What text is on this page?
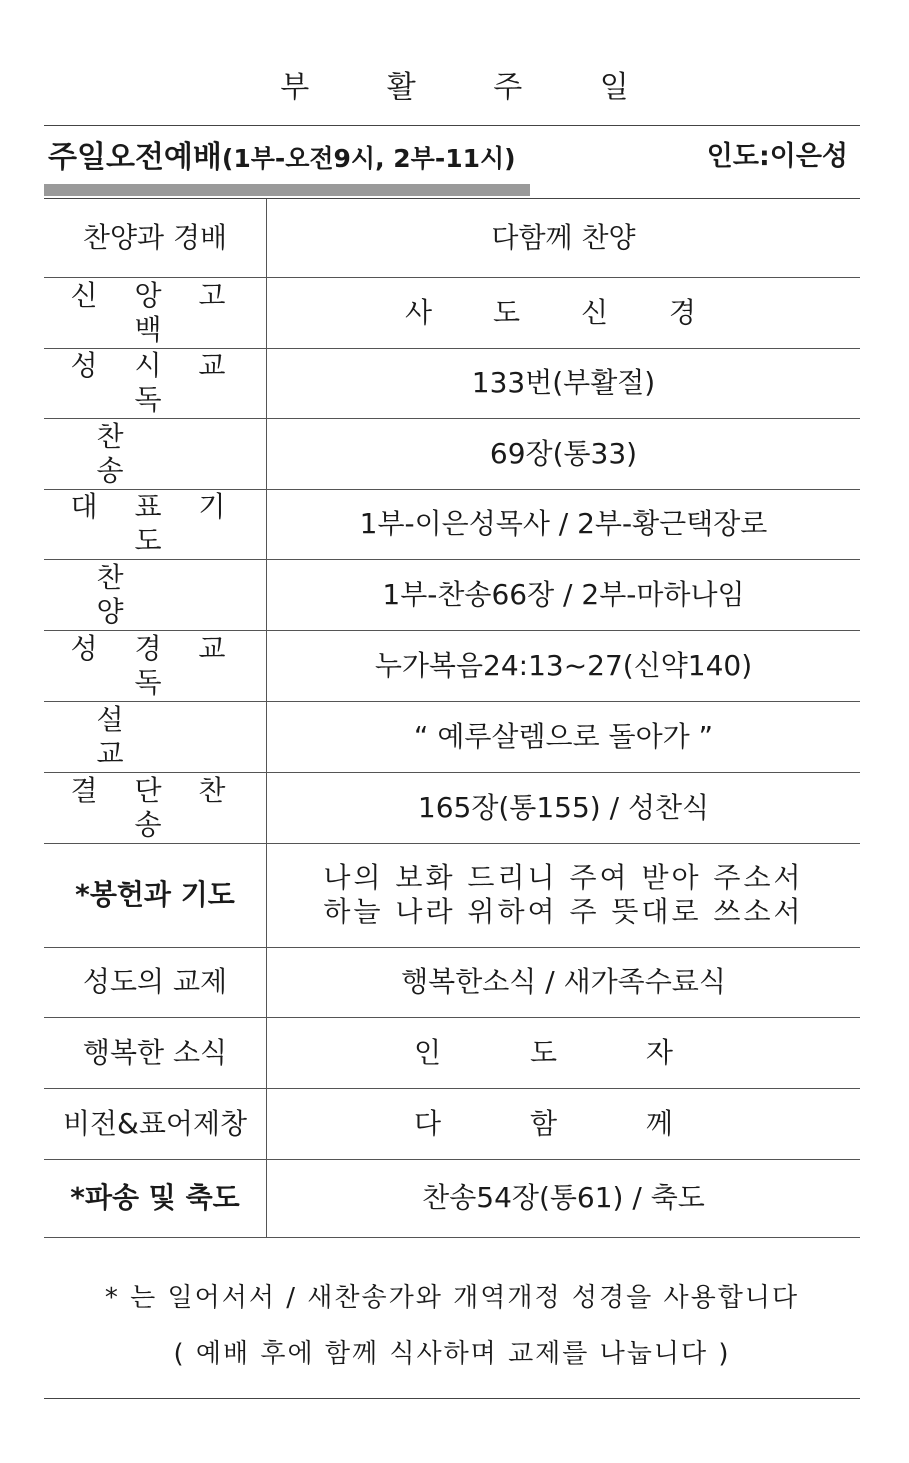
부 활 주 일
주일오전예배(1부-오전9시, 2부-11시)	인도:이은성
찬양과 경배	다함께 찬양
신 앙 고 백	사 도 신 경
성 시 교 독	133번(부활절)
찬 송	69장(통33)
대 표 기 도	1부-이은성목사 / 2부-황근택장로
찬 양	1부-찬송66장 / 2부-마하나임
성 경 교 독	누가복음24:13~27(신약140)
설 교	“ 예루살렘으로 돌아가 ”
결 단 찬 송	165장(통155) / 성찬식
*봉헌과 기도	나의 보화 드리니 주여 받아 주소서
하늘 나라 위하여 주 뜻대로 쓰소서

성도의 교제	행복한소식 / 새가족수료식
행복한 소식	인 도 자
비전&표어제창	다 함 께
*파송 및 축도	찬송54장(통61) / 축도
* 는 일어서서 / 새찬송가와 개역개정 성경을 사용합니다
( 예배 후에 함께 식사하며 교제를 나눕니다 )
